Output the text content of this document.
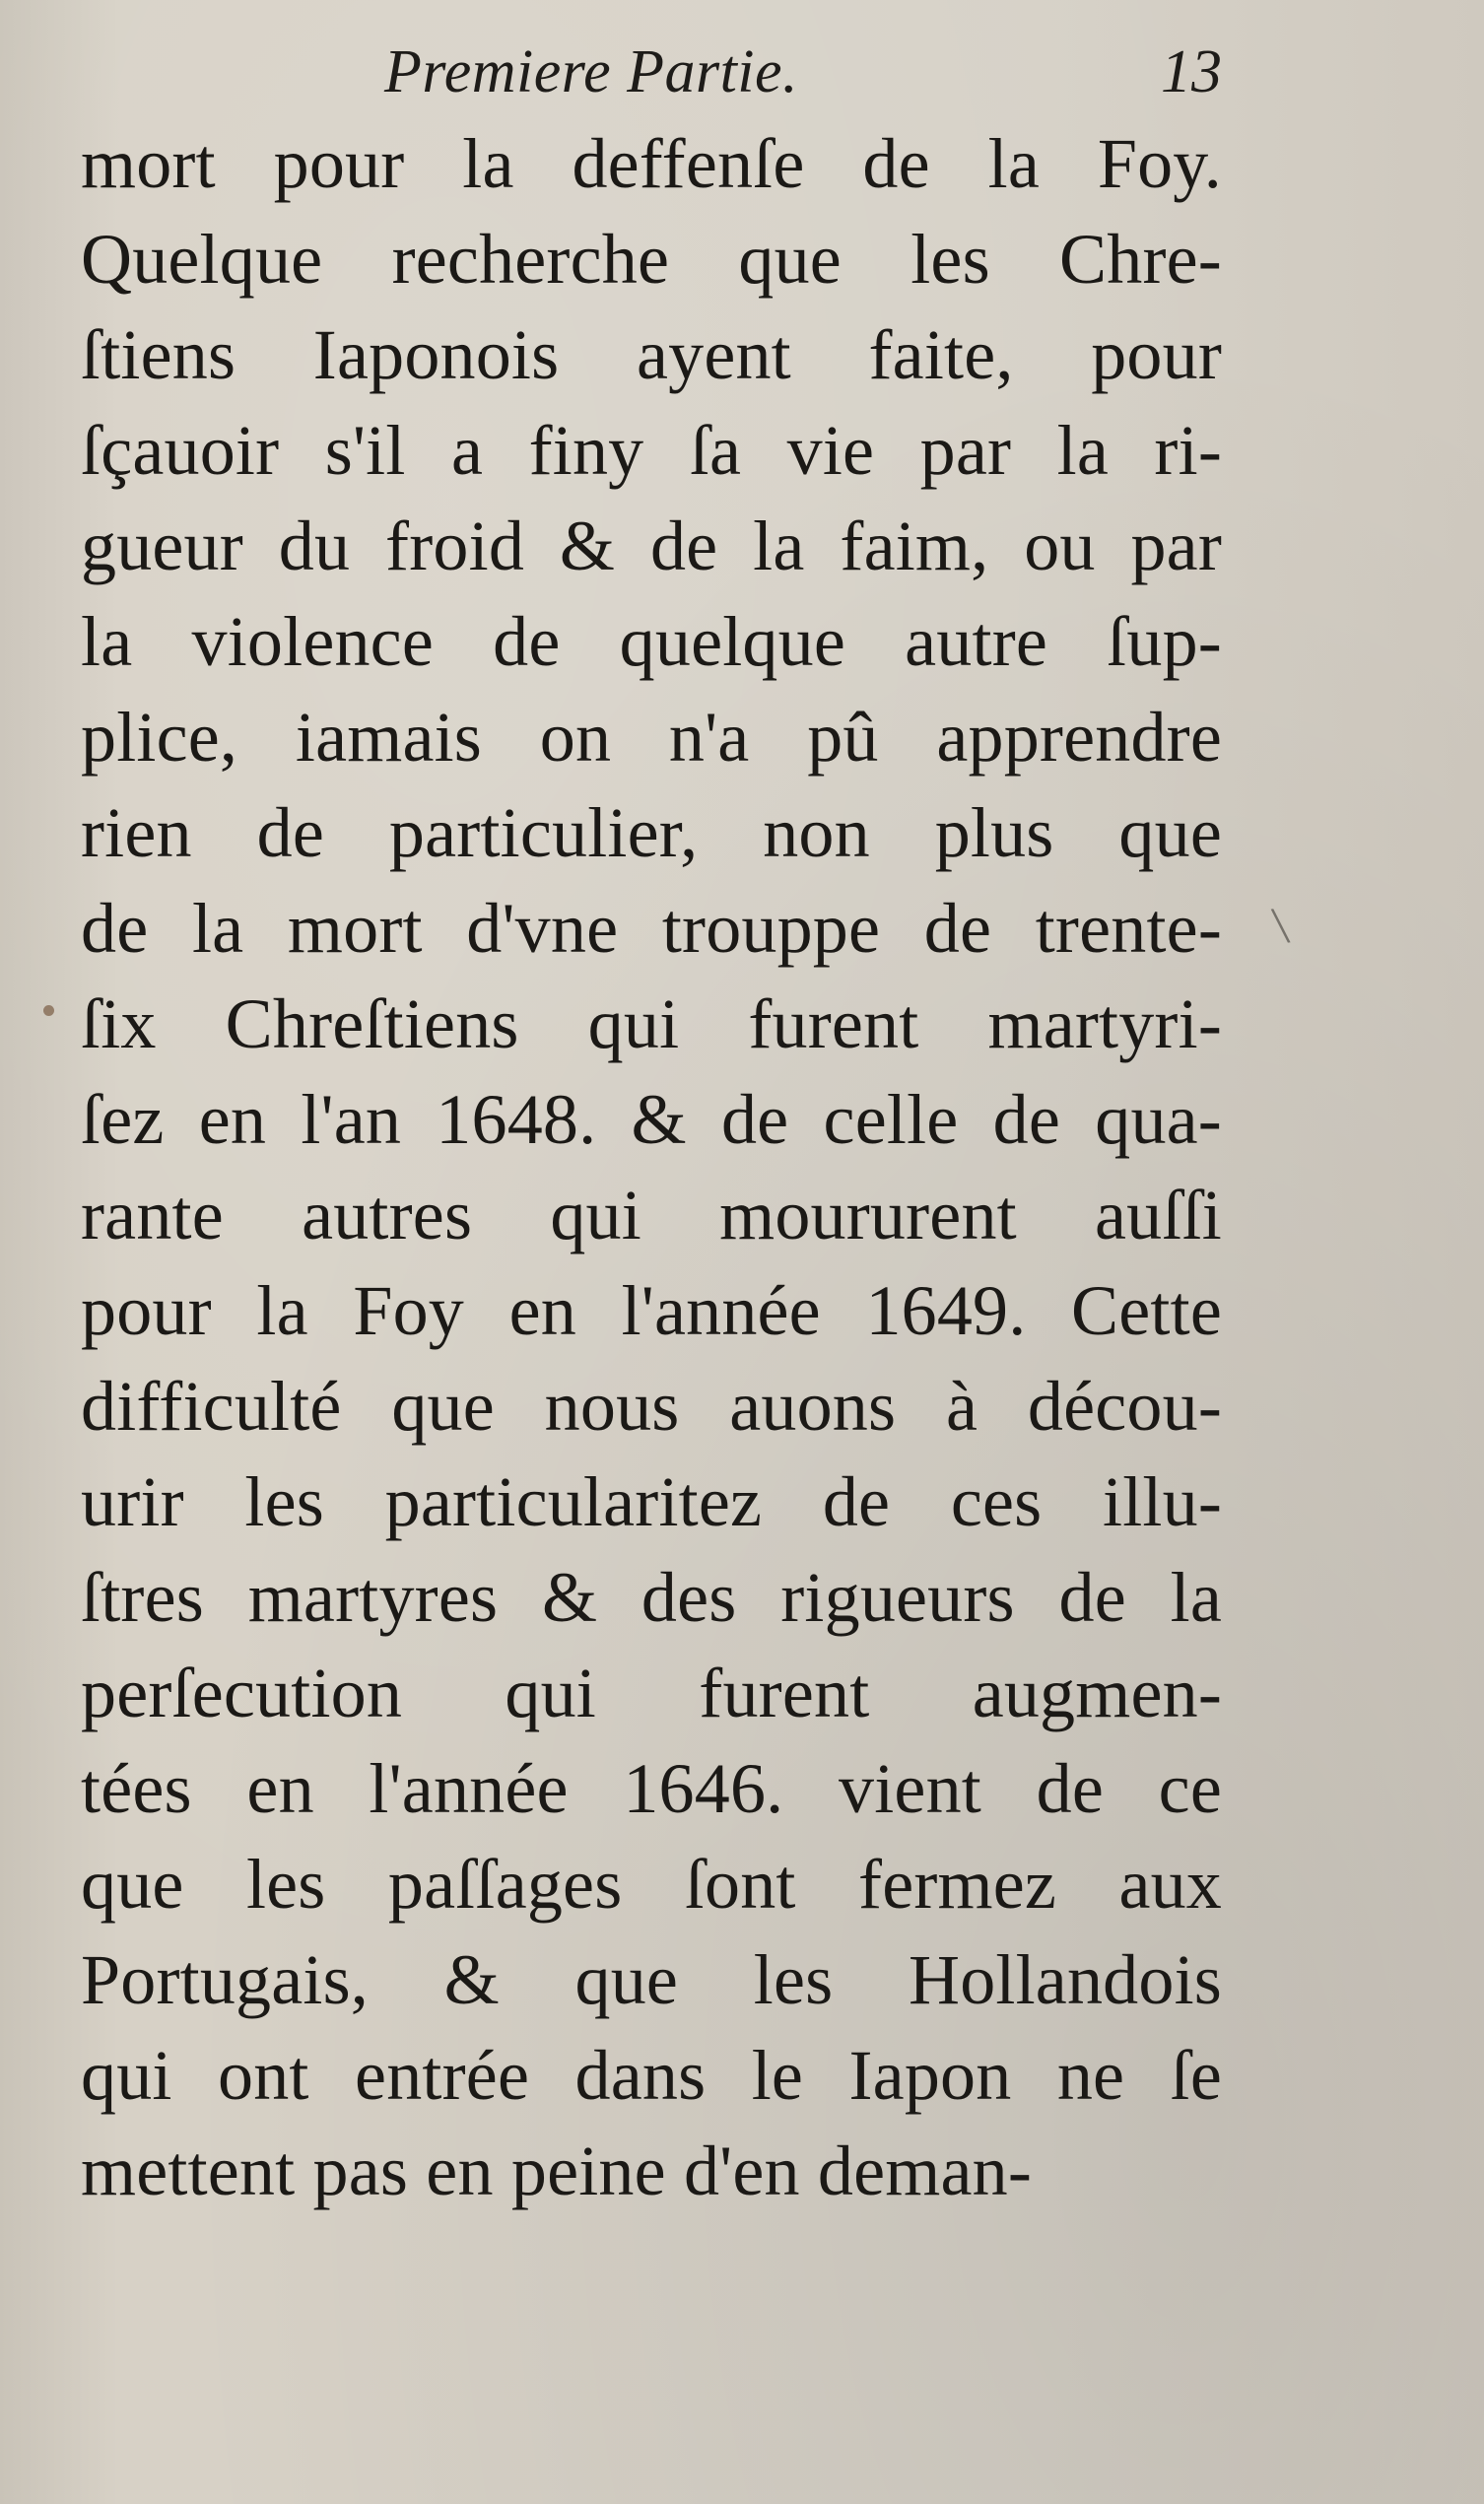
Premiere Partie.	13
mort pour la deffenſe de la Foy.
Quelque recherche que les Chre-
ſtiens Iaponois ayent faite, pour
ſçauoir s'il a finy ſa vie par la ri-
gueur du froid & de la faim, ou par
la violence de quelque autre ſup-
plice, iamais on n'a pû apprendre
rien de particulier, non plus que
de la mort d'vne trouppe de trente-
ſix Chreſtiens qui furent martyri-
ſez en l'an 1648. & de celle de qua-
rante autres qui moururent auſſi
pour la Foy en l'année 1649. Cette
difficulté que nous auons à décou-
urir les particularitez de ces illu-
ſtres martyres & des rigueurs de la
perſecution qui furent augmen-
tées en l'année 1646. vient de ce
que les paſſages ſont fermez aux
Portugais, & que les Hollandois
qui ont entrée dans le Iapon ne ſe
mettent pas en peine d'en deman-
\
